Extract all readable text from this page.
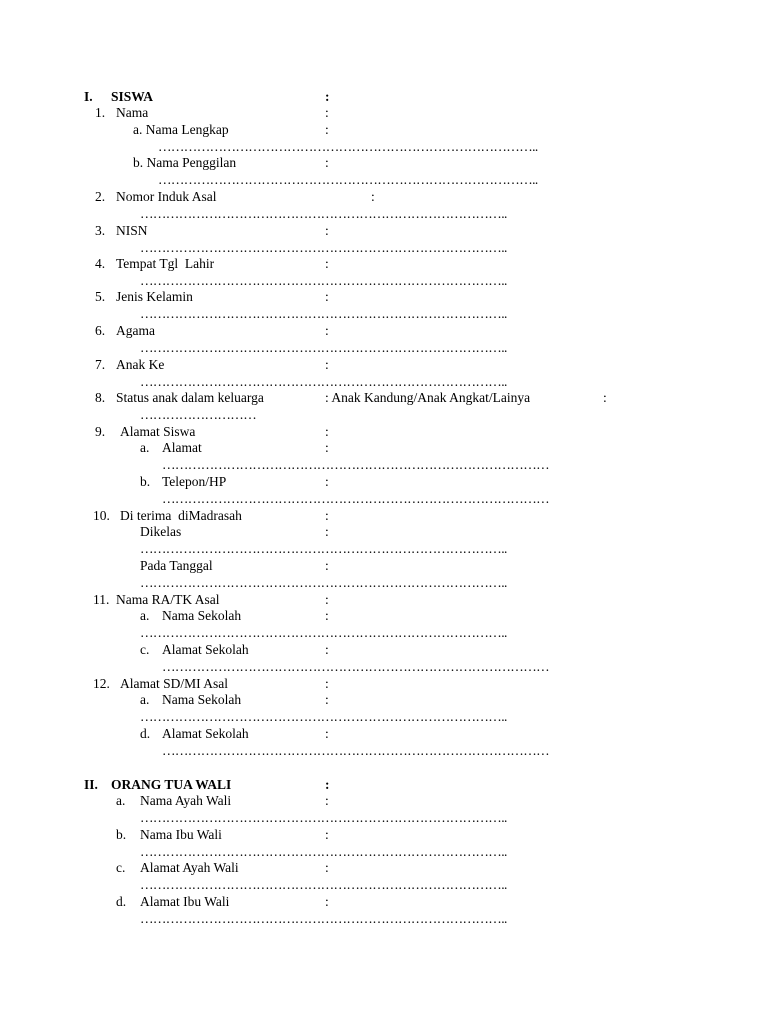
I. SISWA	:
1. Nama	:
a. Nama Lengkap	:
……………………………………………………………………………..
b. Nama Penggilan	:
……………………………………………………………………………..
2. Nomor Induk Asal	:
…………………………………………………………………………..
3. NISN	:
…………………………………………………………………………..
4. Tempat Tgl  Lahir	:
…………………………………………………………………………..
5. Jenis Kelamin	:
…………………………………………………………………………..
6. Agama	:
…………………………………………………………………………..
7. Anak Ke	:
…………………………………………………………………………..
8. Status anak dalam keluarga	: Anak Kandung/Anak Angkat/Lainya	:
………………………
9. Alamat Siswa	:
a. Alamat	:
………………………………………………………………………………
b. Telepon/HP	:
………………………………………………………………………………
10. Di terima  diMadrasah	:
Dikelas	:
…………………………………………………………………………..
Pada Tanggal	:
…………………………………………………………………………..
11. Nama RA/TK Asal	:
a. Nama Sekolah	:
…………………………………………………………………………..
c. Alamat Sekolah	:
………………………………………………………………………………
12. Alamat SD/MI Asal	:
a. Nama Sekolah	:
…………………………………………………………………………..
d. Alamat Sekolah	:
………………………………………………………………………………
II. ORANG TUA WALI	:
a. Nama Ayah Wali	:
…………………………………………………………………………..
b. Nama Ibu Wali	:
…………………………………………………………………………..
c. Alamat Ayah Wali	:
…………………………………………………………………………..
d. Alamat Ibu Wali	:
…………………………………………………………………………..
